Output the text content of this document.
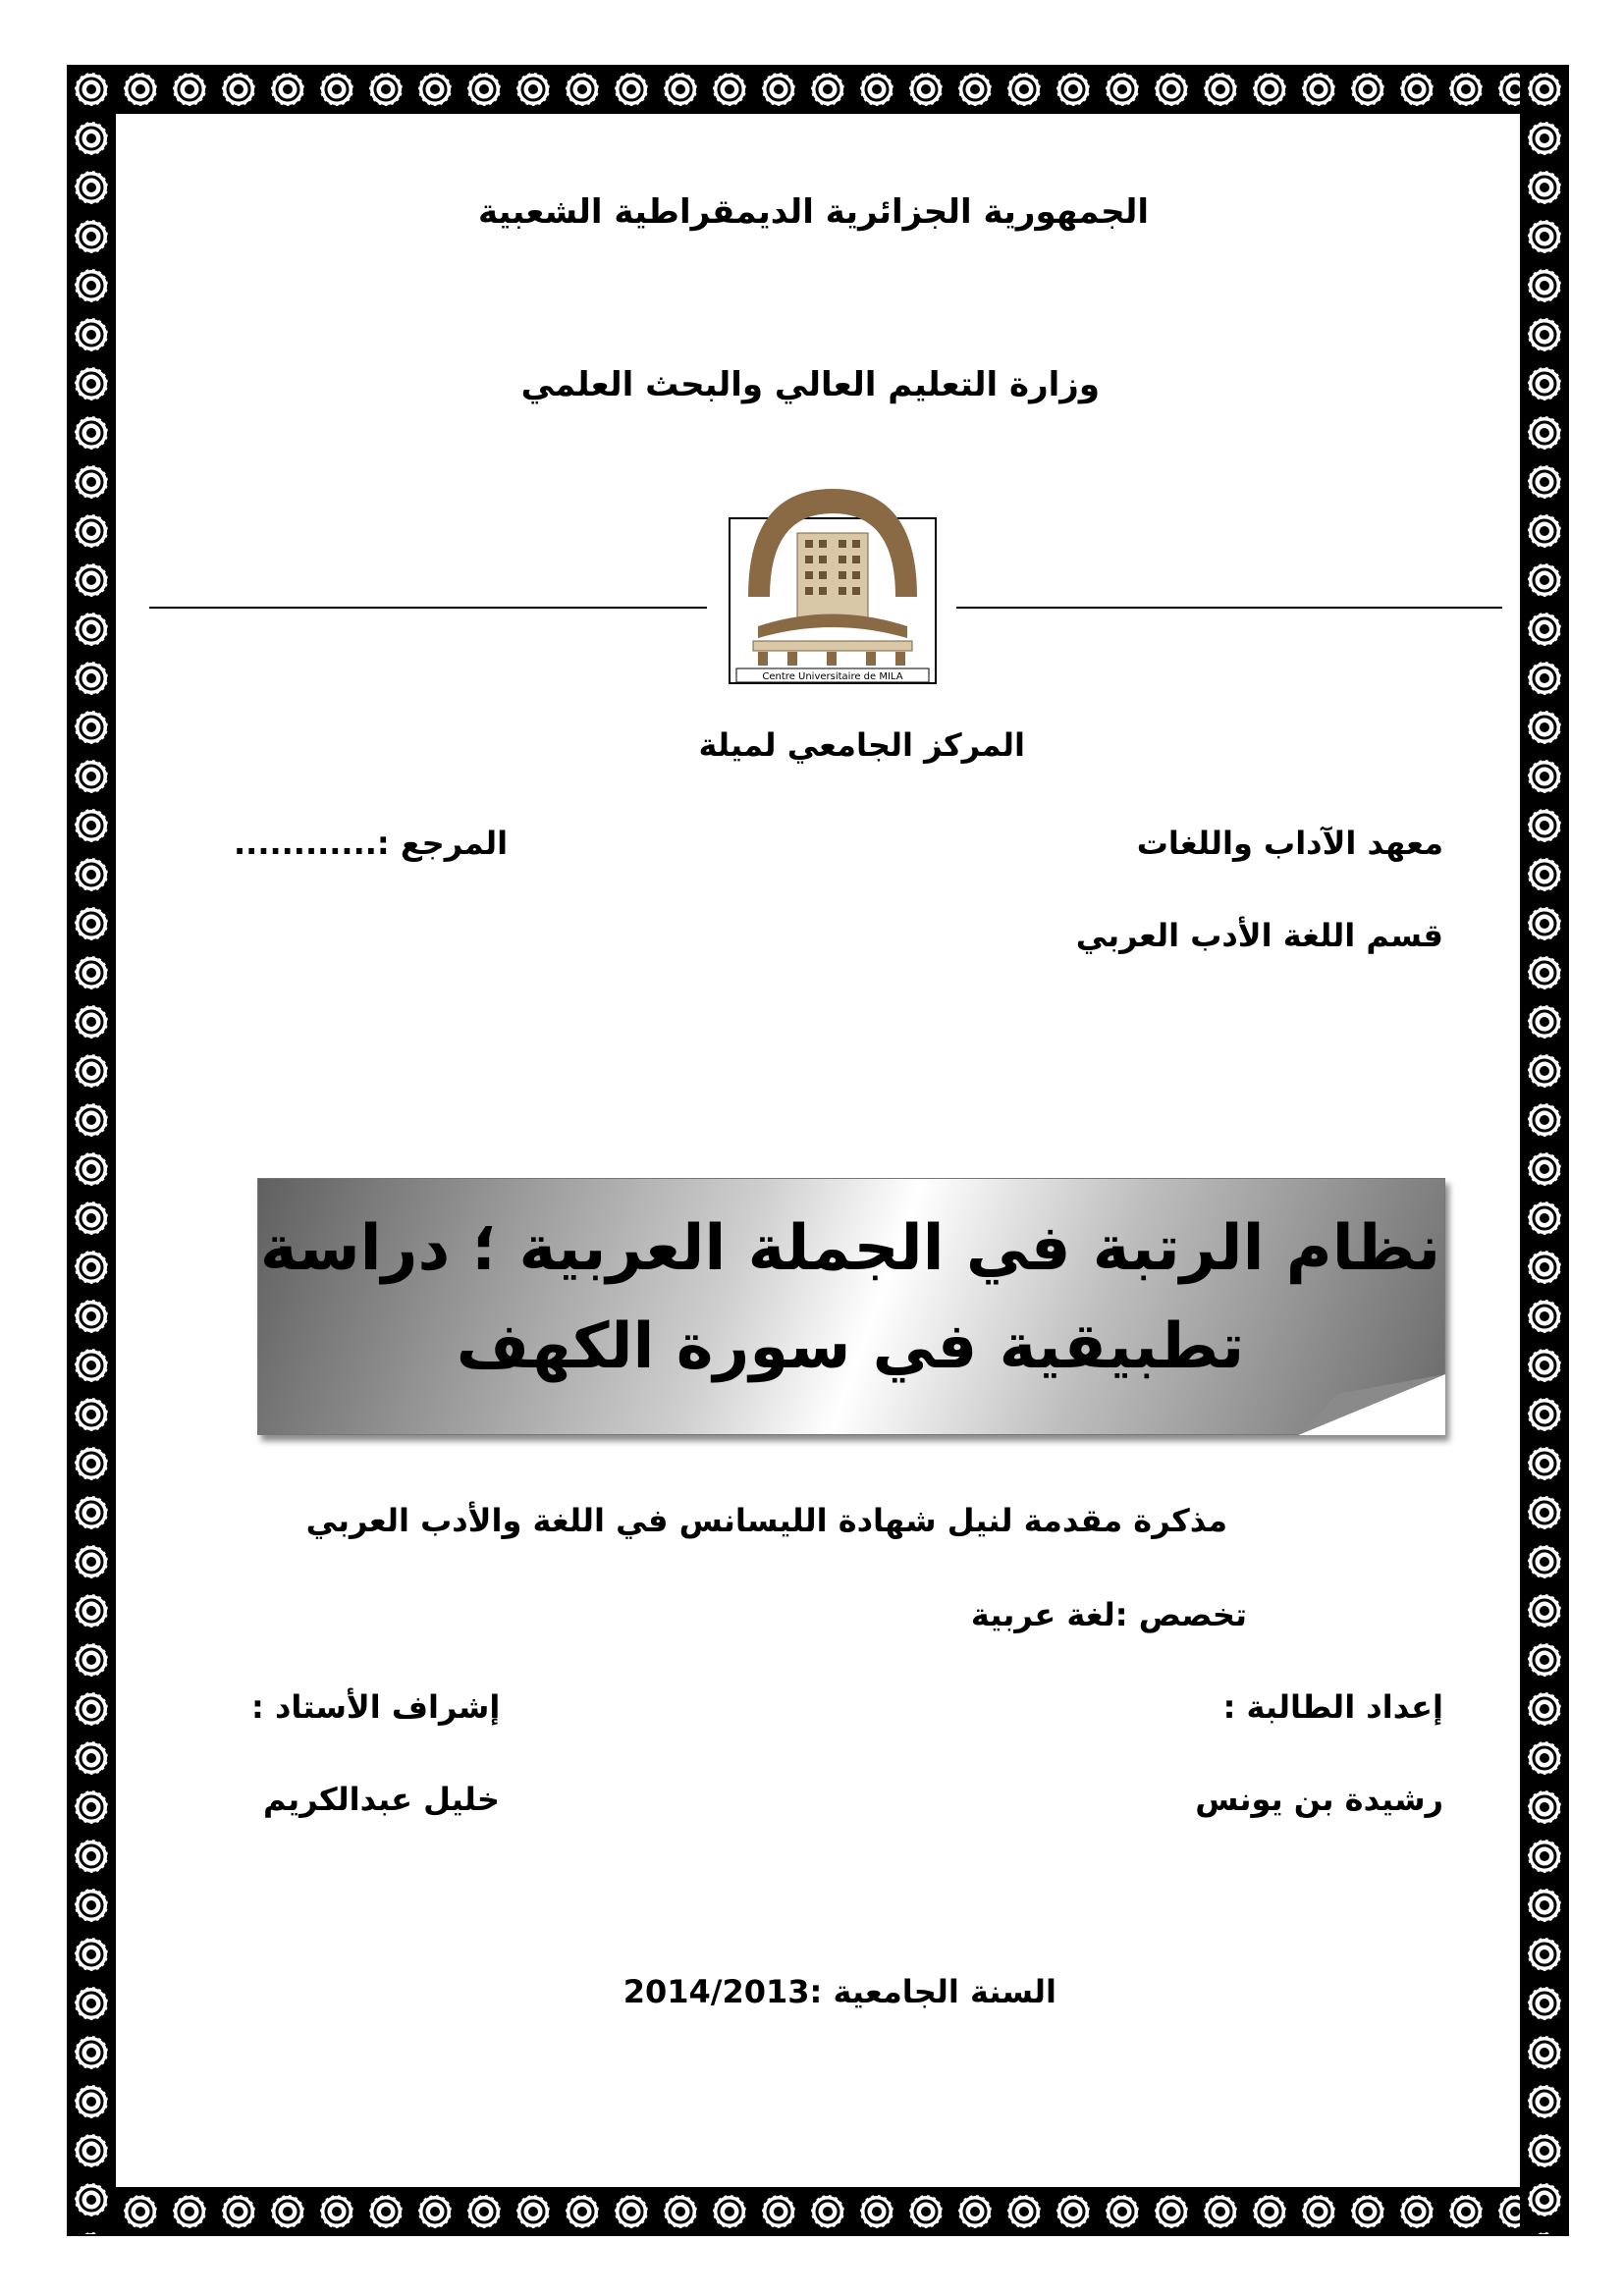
الجمهورية الجزائرية الديمقراطية الشعبية
وزارة التعليم العالي والبحث العلمي
Centre Universitaire de MILA
المركز الجامعي لميلة
معهد الآداب واللغات
المرجع :............
قسم اللغة الأدب العربي
نظام الرتبة في الجملة العربية ؛ دراسة
تطبيقية في سورة الكهف
مذكرة مقدمة لنيل شهادة الليسانس في اللغة والأدب العربي
تخصص :لغة عربية
إعداد الطالبة :
إشراف الأستاد :
رشيدة بن يونس
خليل عبدالكريم
السنة الجامعية :2014/2013
